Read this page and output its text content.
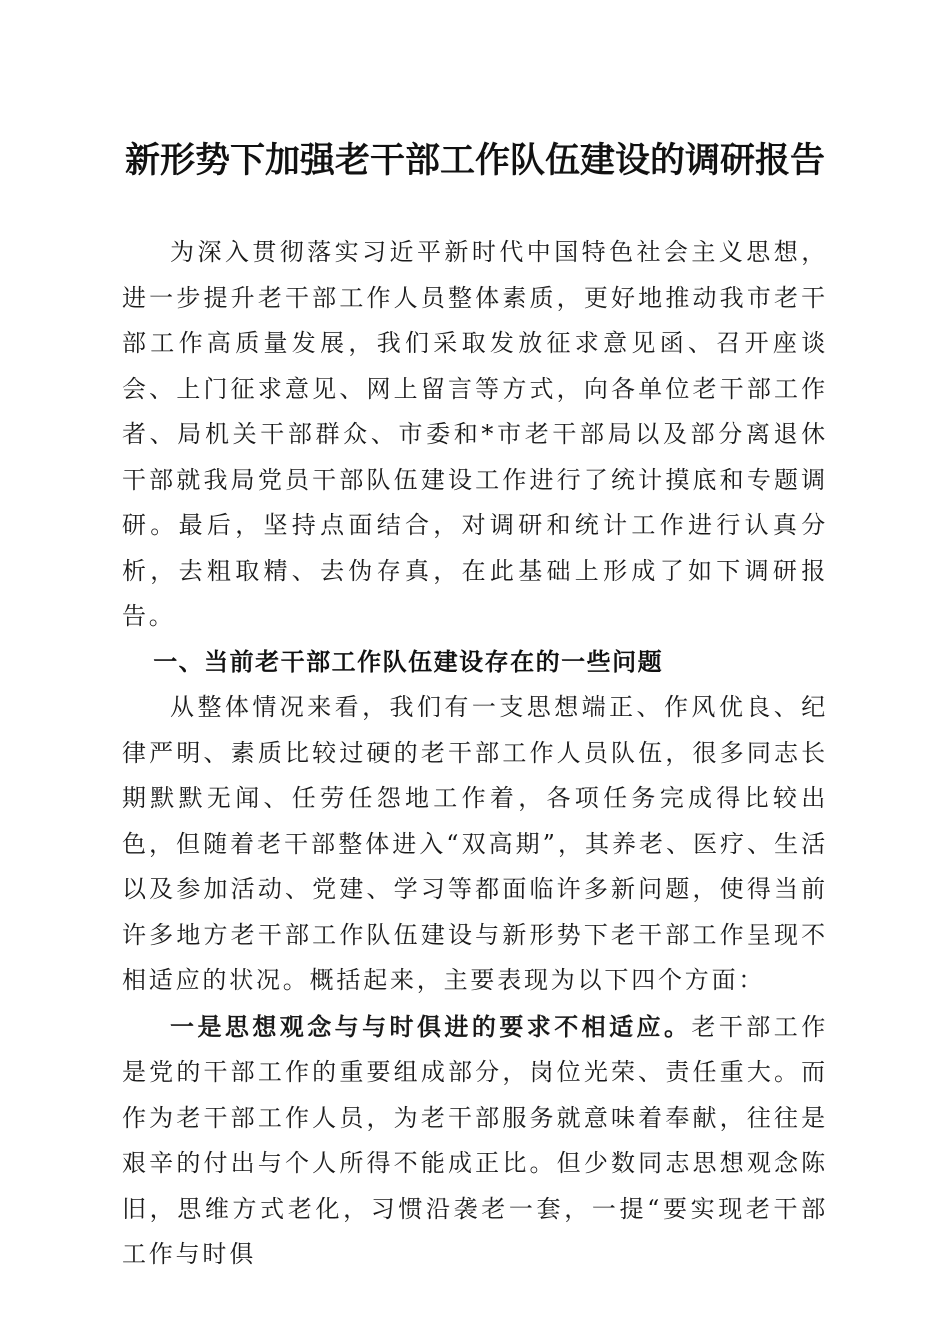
新形势下加强老干部工作队伍建设的调研报告

为深入贯彻落实习近平新时代中国特色社会主义思想，进一步提升老干部工作人员整体素质，更好地推动我市老干部工作高质量发展，我们采取发放征求意见函、召开座谈会、上门征求意见、网上留言等方式，向各单位老干部工作者、局机关干部群众、市委和*市老干部局以及部分离退休干部就我局党员干部队伍建设工作进行了统计摸底和专题调研。最后，坚持点面结合，对调研和统计工作进行认真分析，去粗取精、去伪存真，在此基础上形成了如下调研报告。

一、当前老干部工作队伍建设存在的一些问题

从整体情况来看，我们有一支思想端正、作风优良、纪律严明、素质比较过硬的老干部工作人员队伍，很多同志长期默默无闻、任劳任怨地工作着，各项任务完成得比较出色，但随着老干部整体进入“双高期”，其养老、医疗、生活以及参加活动、党建、学习等都面临许多新问题，使得当前许多地方老干部工作队伍建设与新形势下老干部工作呈现不相适应的状况。概括起来，主要表现为以下四个方面：

一是思想观念与与时俱进的要求不相适应。老干部工作是党的干部工作的重要组成部分，岗位光荣、责任重大。而作为老干部工作人员，为老干部服务就意味着奉献，往往是艰辛的付出与个人所得不能成正比。但少数同志思想观念陈旧，思维方式老化，习惯沿袭老一套，一提“要实现老干部工作与时俱
